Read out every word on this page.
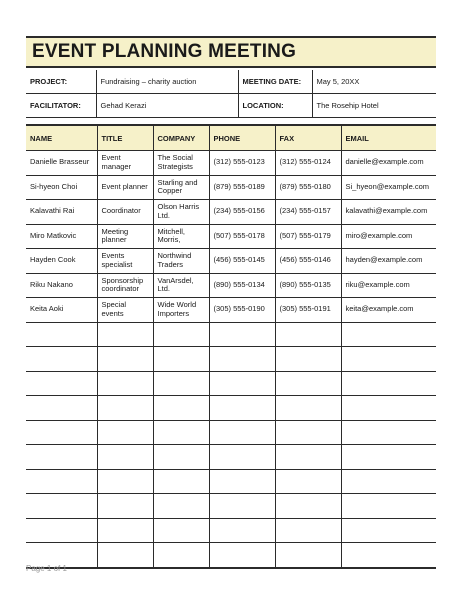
EVENT PLANNING MEETING
PROJECT:	Fundraising – charity auction	MEETING DATE:	May 5, 20XX
FACILITATOR:	Gehad Kerazi	LOCATION:	The Rosehip Hotel
NAME	TITLE	COMPANY	PHONE	FAX	EMAIL
Danielle Brasseur	Event manager	The Social Strategists	(312) 555-0123	(312) 555-0124	danielle@example.com
Si-hyeon Choi	Event planner	Starling and Copper	(879) 555-0189	(879) 555-0180	Si_hyeon@example.com
Kalavathi Rai	Coordinator	Olson Harris Ltd.	(234) 555-0156	(234) 555-0157	kalavathi@example.com
Miro Matkovic	Meeting planner	Mitchell, Morris,	(507) 555-0178	(507) 555-0179	miro@example.com
Hayden Cook	Events specialist	Northwind Traders	(456) 555-0145	(456) 555-0146	hayden@example.com
Riku Nakano	Sponsorship coordinator	VanArsdel, Ltd.	(890) 555-0134	(890) 555-0135	riku@example.com
Keita Aoki	Special events	Wide World Importers	(305) 555-0190	(305) 555-0191	keita@example.com

Page 1 of 1
